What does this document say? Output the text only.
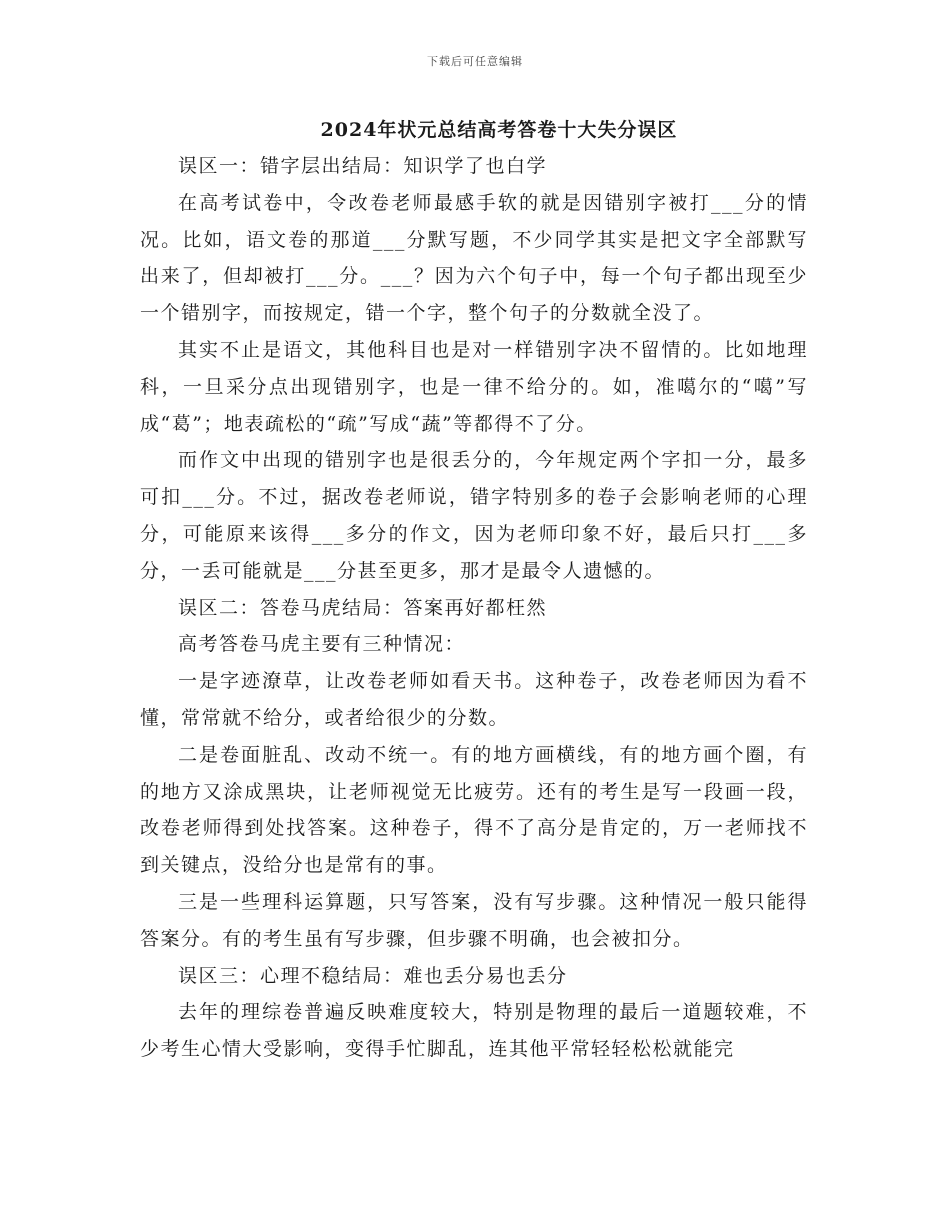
下载后可任意编辑
2024年状元总结高考答卷十大失分误区

误区一：错字层出结局：知识学了也白学

在高考试卷中，令改卷老师最感手软的就是因错别字被打___分的情况。比如，语文卷的那道___分默写题，不少同学其实是把文字全部默写出来了，但却被打___分。___？因为六个句子中，每一个句子都出现至少一个错别字，而按规定，错一个字，整个句子的分数就全没了。

其实不止是语文，其他科目也是对一样错别字决不留情的。比如地理科，一旦采分点出现错别字，也是一律不给分的。如，准噶尔的“噶”写成“葛”；地表疏松的“疏”写成“蔬”等都得不了分。

而作文中出现的错别字也是很丢分的，今年规定两个字扣一分，最多可扣___分。不过，据改卷老师说，错字特别多的卷子会影响老师的心理分，可能原来该得___多分的作文，因为老师印象不好，最后只打___多分，一丢可能就是___分甚至更多，那才是最令人遗憾的。

误区二：答卷马虎结局：答案再好都枉然

高考答卷马虎主要有三种情况：

一是字迹潦草，让改卷老师如看天书。这种卷子，改卷老师因为看不懂，常常就不给分，或者给很少的分数。

二是卷面脏乱、改动不统一。有的地方画横线，有的地方画个圈，有的地方又涂成黑块，让老师视觉无比疲劳。还有的考生是写一段画一段，改卷老师得到处找答案。这种卷子，得不了高分是肯定的，万一老师找不到关键点，没给分也是常有的事。

三是一些理科运算题，只写答案，没有写步骤。这种情况一般只能得答案分。有的考生虽有写步骤，但步骤不明确，也会被扣分。

误区三：心理不稳结局：难也丢分易也丢分

去年的理综卷普遍反映难度较大，特别是物理的最后一道题较难，不少考生心情大受影响，变得手忙脚乱，连其他平常轻轻松松就能完
